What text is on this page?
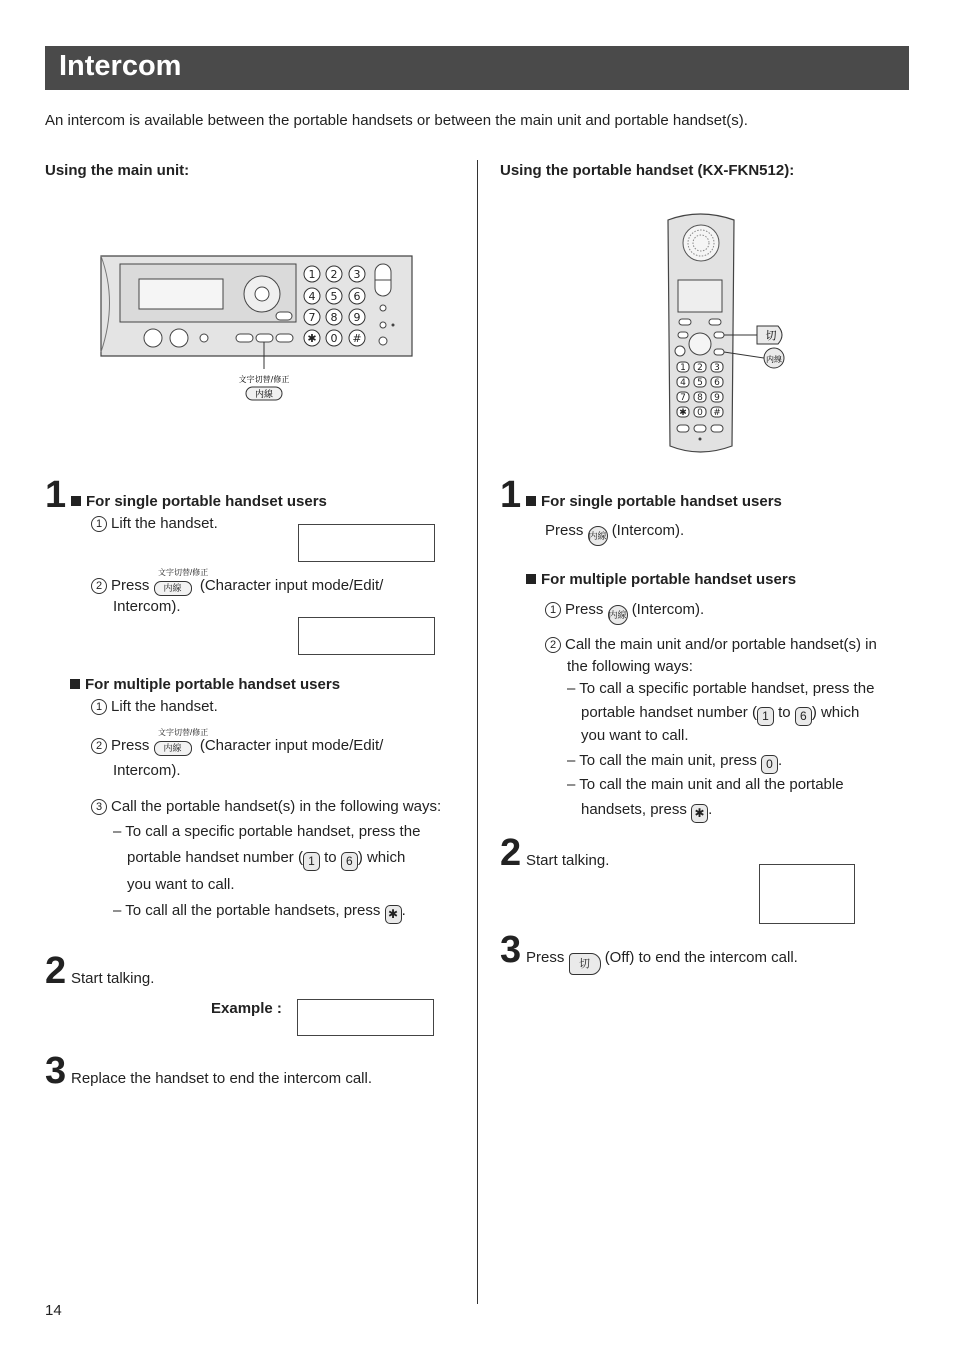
Intercom
An intercom is available between the portable handsets or between the main unit and portable handset(s).
Using the main unit:
1 2 3
4 5 6
7 8 9
✱ 0 #
文字切替/修正
内線
1	For single portable handset users
1 Lift the handset.
文字切替/修正
2 Press 内線 (Character input mode/Edit/
Intercom).
For multiple portable handset users
1 Lift the handset.
文字切替/修正
2 Press 内線 (Character input mode/Edit/
Intercom).
3 Call the portable handset(s) in the following ways:
– To call a specific portable handset, press the
portable handset number ( 1 to 6 ) which
you want to call.
– To call all the portable handsets, press ✱ .
2 Start talking.
Example :
3 Replace the handset to end the intercom call.
Using the portable handset (KX-FKN512):
1 2 3
4 5 6
7 8 9
✱ 0 #
切
内線
1	For single portable handset users
Press 内線 (Intercom).
For multiple portable handset users
1 Press 内線 (Intercom).
2 Call the main unit and/or portable handset(s) in
the following ways:
– To call a specific portable handset, press the
portable handset number ( 1 to 6 ) which
you want to call.
– To call the main unit, press 0 .
– To call the main unit and all the portable
handsets, press ✱ .
2 Start talking.
3 Press 切 (Off) to end the intercom call.
14
